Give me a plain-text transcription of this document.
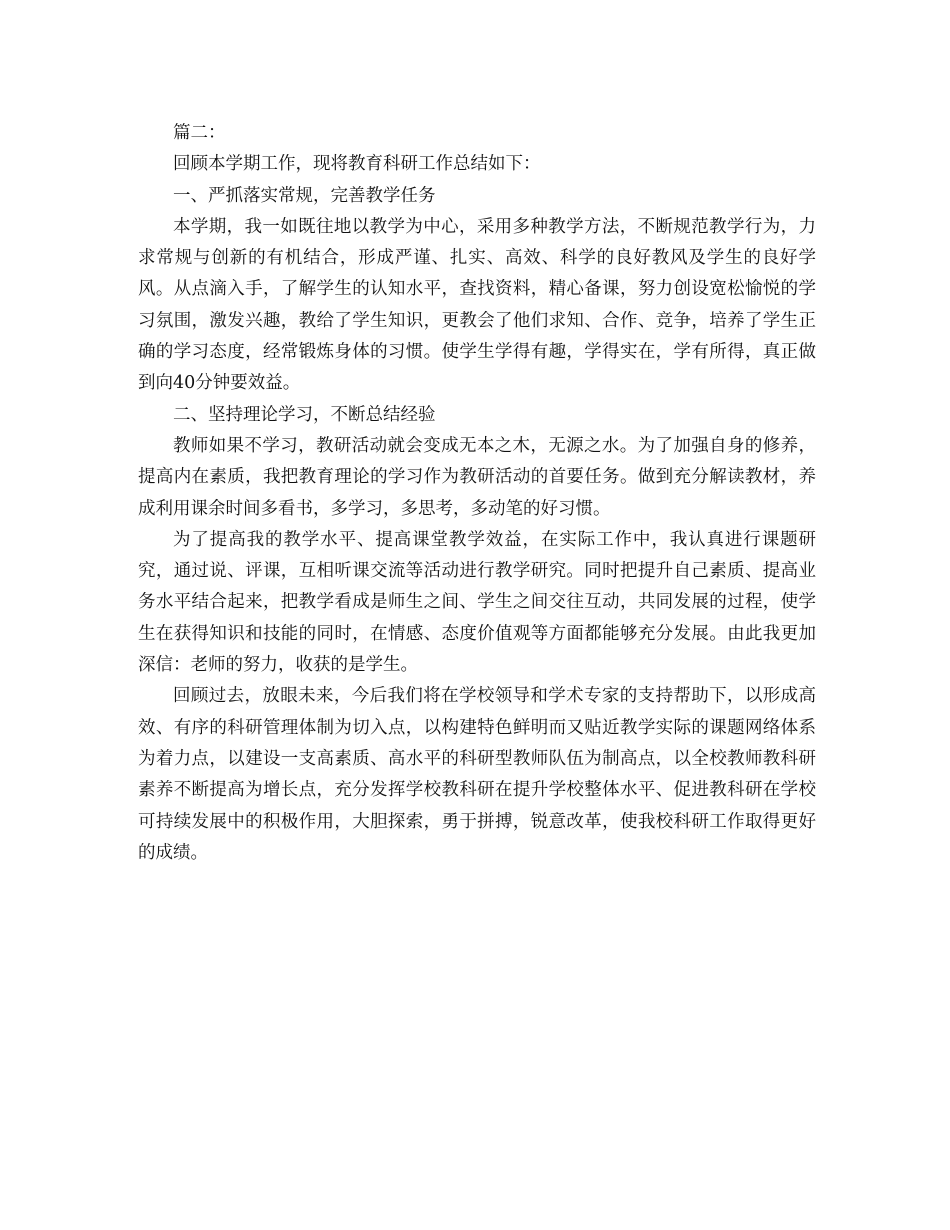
篇二：

回顾本学期工作，现将教育科研工作总结如下：

一、严抓落实常规，完善教学任务

本学期，我一如既往地以教学为中心，采用多种教学方法，不断规范教学行为，力求常规与创新的有机结合，形成严谨、扎实、高效、科学的良好教风及学生的良好学风。从点滴入手，了解学生的认知水平，查找资料，精心备课，努力创设宽松愉悦的学习氛围，激发兴趣，教给了学生知识，更教会了他们求知、合作、竞争，培养了学生正确的学习态度，经常锻炼身体的习惯。使学生学得有趣，学得实在，学有所得，真正做到向40分钟要效益。

二、坚持理论学习，不断总结经验

教师如果不学习，教研活动就会变成无本之木，无源之水。为了加强自身的修养，提高内在素质，我把教育理论的学习作为教研活动的首要任务。做到充分解读教材，养成利用课余时间多看书，多学习，多思考，多动笔的好习惯。

为了提高我的教学水平、提高课堂教学效益，在实际工作中，我认真进行课题研究，通过说、评课，互相听课交流等活动进行教学研究。同时把提升自己素质、提高业务水平结合起来，把教学看成是师生之间、学生之间交往互动，共同发展的过程，使学生在获得知识和技能的同时，在情感、态度价值观等方面都能够充分发展。由此我更加深信：老师的努力，收获的是学生。

回顾过去，放眼未来，今后我们将在学校领导和学术专家的支持帮助下，以形成高效、有序的科研管理体制为切入点，以构建特色鲜明而又贴近教学实际的课题网络体系为着力点，以建设一支高素质、高水平的科研型教师队伍为制高点，以全校教师教科研素养不断提高为增长点，充分发挥学校教科研在提升学校整体水平、促进教科研在学校可持续发展中的积极作用，大胆探索，勇于拼搏，锐意改革，使我校科研工作取得更好的成绩。
